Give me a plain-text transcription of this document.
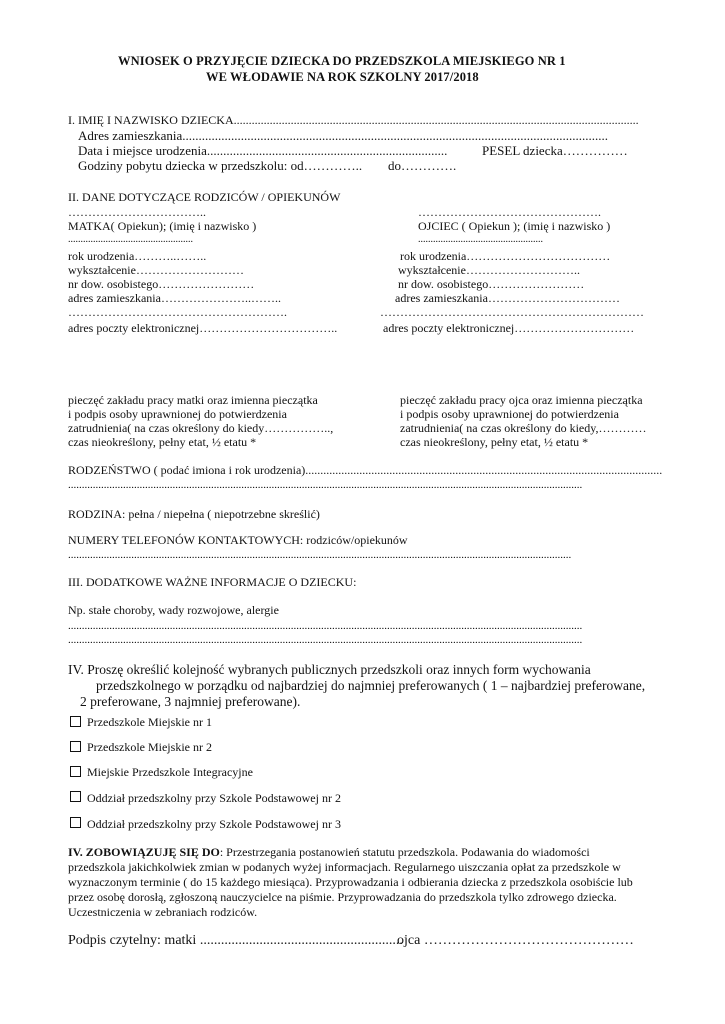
WNIOSEK O PRZYJĘCIE DZIECKA DO PRZEDSZKOLA MIEJSKIEGO NR 1
WE WŁODAWIE NA ROK SZKOLNY 2017/2018
I. IMIĘ I NAZWISKO DZIECKA.......................................................................................................................................
Adres zamieszkania...................................................................................................................................
Data i miejsce urodzenia..........................................................................	PESEL dziecka……………
Godziny pobytu dziecka w przedszkolu: od………….. do………….
II. DANE DOTYCZĄCE RODZICÓW / OPIEKUNÓW
……………………………..
MATKA( Opiekun); (imię i nazwisko )
..................................................
rok urodzenia………..……..
wykształcenie………………………
nr dow. osobistego……………………
adres zamieszkania…………………..……..
……………………………………………….
adres poczty elektronicznej……………………………..
……………………………………….
OJCIEC ( Opiekun ); (imię i nazwisko )
..................................................
rok urodzenia………………………………
wykształcenie………………………..
nr dow. osobistego……………………
adres zamieszkania……………………………
…………………………………………………………
adres poczty elektronicznej…………………………
pieczęć zakładu pracy matki oraz imienna pieczątka
i podpis osoby uprawnionej do potwierdzenia
zatrudnienia( na czas określony do kiedy……………..,
czas nieokreślony, pełny etat, ½ etatu *
pieczęć zakładu pracy ojca oraz imienna pieczątka
i podpis osoby uprawnionej do potwierdzenia
zatrudnienia( na czas określony do kiedy,…………
czas nieokreślony, pełny etat, ½ etatu *
RODZEŃSTWO ( podać imiona i rok urodzenia).......................................................................................................................
...........................................................................................................................................................................................
RODZINA: pełna / niepełna ( niepotrzebne skreślić)
NUMERY TELEFONÓW KONTAKTOWYCH: rodziców/opiekunów
.......................................................................................................................................................................................
III. DODATKOWE WAŻNE INFORMACJE O DZIECKU:
Np. stałe choroby, wady rozwojowe, alergie
...........................................................................................................................................................................................
...........................................................................................................................................................................................
IV. Proszę określić kolejność wybranych publicznych przedszkoli oraz innych form wychowania
przedszkolnego w porządku od najbardziej do najmniej preferowanych ( 1 – najbardziej preferowane,
2 preferowane, 3 najmniej preferowane).
Przedszkole Miejskie nr 1
Przedszkole Miejskie nr 2
Miejskie Przedszkole Integracyjne
Oddział przedszkolny przy Szkole Podstawowej nr 2
Oddział przedszkolny przy Szkole Podstawowej nr 3
IV. ZOBOWIĄZUJĘ SIĘ DO: Przestrzegania postanowień statutu przedszkola. Podawania do wiadomości przedszkola jakichkolwiek zmian w podanych wyżej informacjach. Regularnego uiszczania opłat za przedszkole w wyznaczonym terminie ( do 15 każdego miesiąca). Przyprowadzania i odbierania dziecka z przedszkola osobiście lub przez osobę dorosłą, zgłoszoną nauczycielce na piśmie. Przyprowadzania do przedszkola tylko zdrowego dziecka. Uczestniczenia w zebraniach rodziców.
Podpis czytelny: matki ..........................................................
ojca ………………………………………
